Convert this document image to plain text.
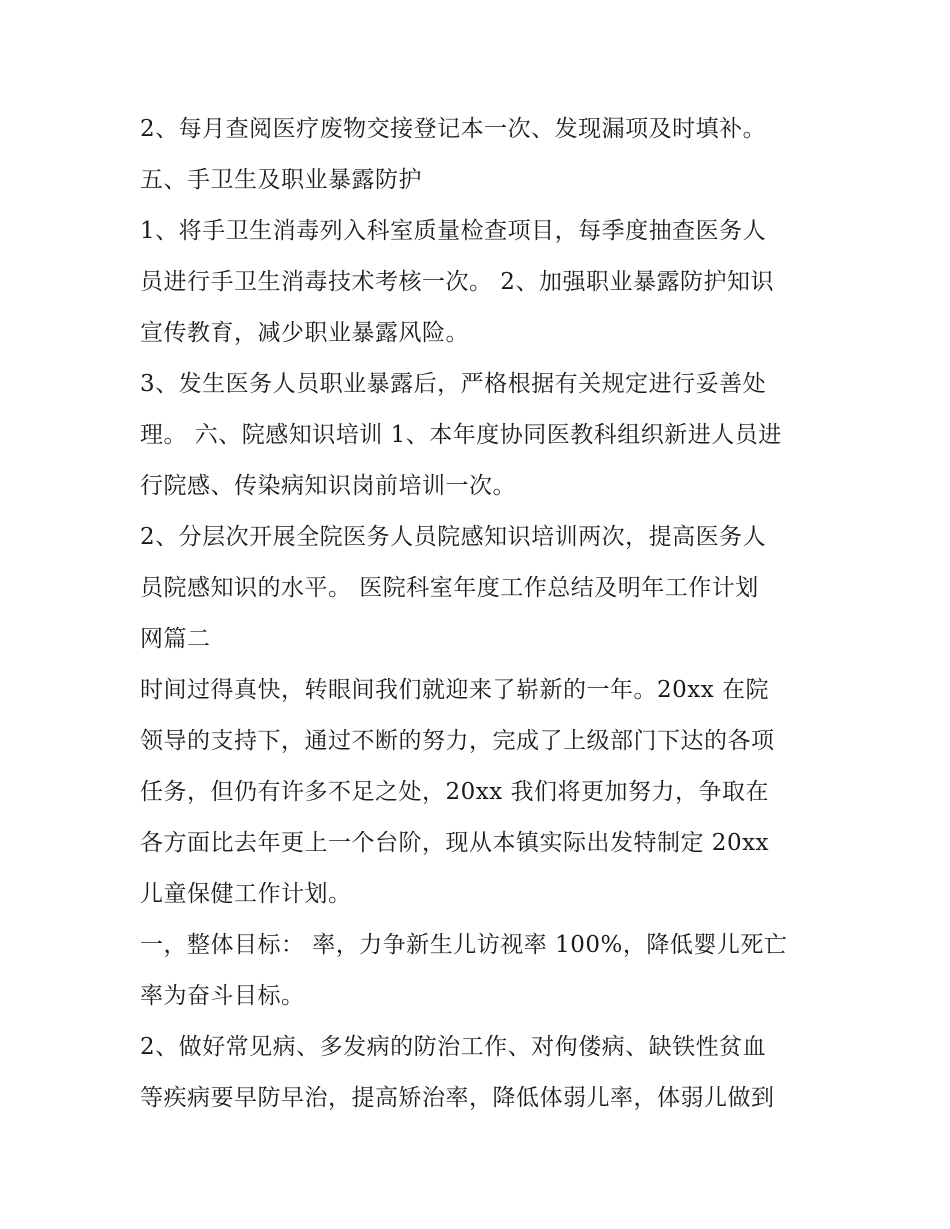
2、每月查阅医疗废物交接登记本一次、发现漏项及时填补。
五、手卫生及职业暴露防护
1、将手卫生消毒列入科室质量检查项目，每季度抽查医务人
员进行手卫生消毒技术考核一次。 2、加强职业暴露防护知识
宣传教育，减少职业暴露风险。
3、发生医务人员职业暴露后，严格根据有关规定进行妥善处
理。 六、院感知识培训 1、本年度协同医教科组织新进人员进
行院感、传染病知识岗前培训一次。
2、分层次开展全院医务人员院感知识培训两次，提高医务人
员院感知识的水平。 医院科室年度工作总结及明年工作计划
网篇二
时间过得真快，转眼间我们就迎来了崭新的一年。20xx 在院
领导的支持下，通过不断的努力，完成了上级部门下达的各项
任务，但仍有许多不足之处，20xx 我们将更加努力，争取在
各方面比去年更上一个台阶，现从本镇实际出发特制定 20xx
儿童保健工作计划。
一，整体目标： 率，力争新生儿访视率 100%，降低婴儿死亡
率为奋斗目标。
2、做好常见病、多发病的防治工作、对佝偻病、缺铁性贫血
等疾病要早防早治，提高矫治率，降低体弱儿率，体弱儿做到
